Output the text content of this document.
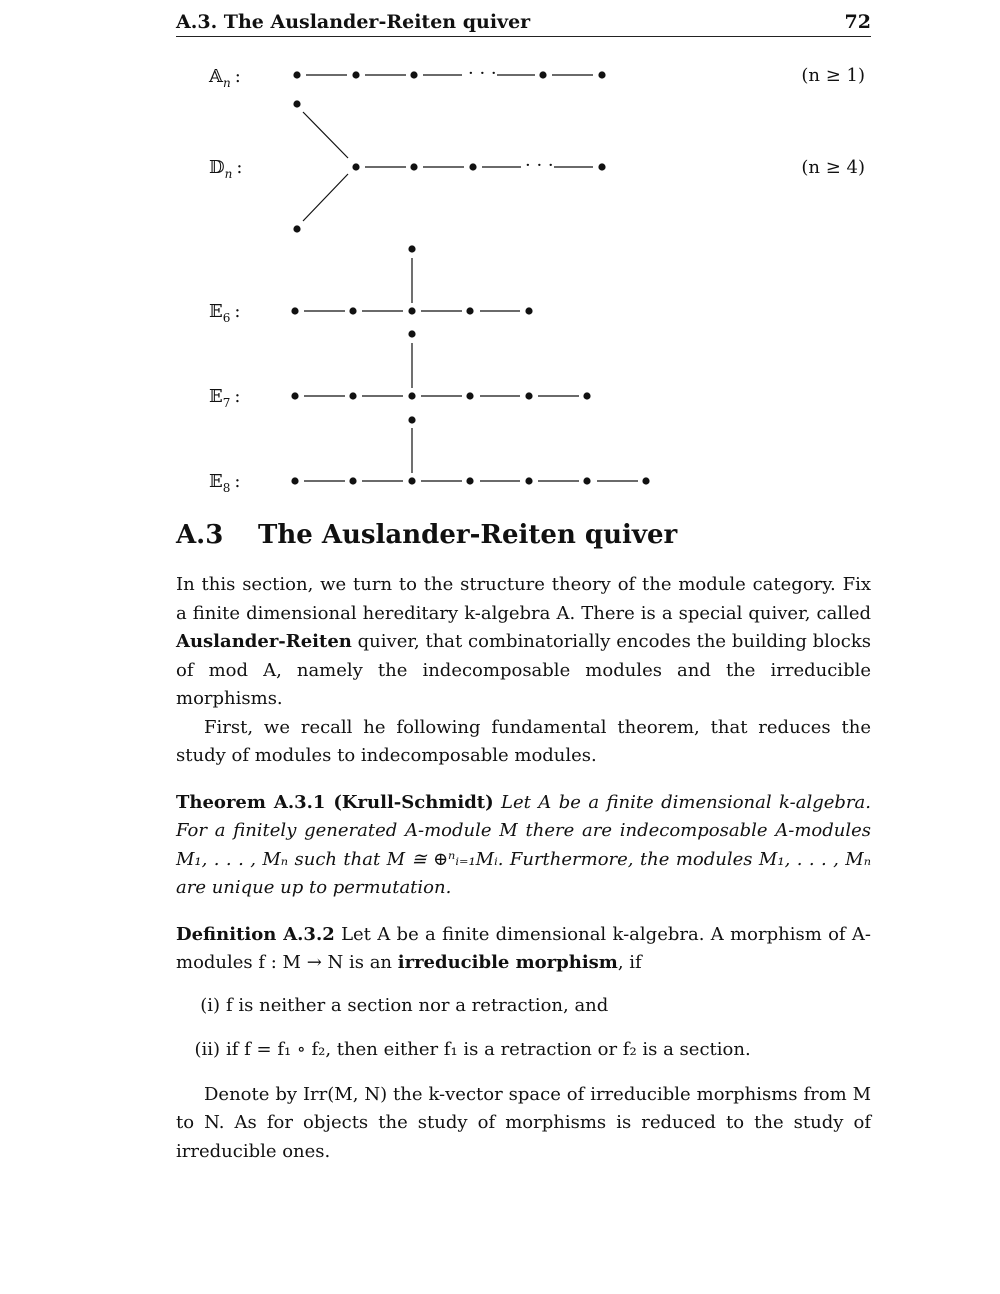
A.3. The Auslander-Reiten quiver	72
· · ·
· · ·
𝔸$_n$ :
𝔻$_n$ :
𝔼$_6$ :
𝔼$_7$ :
𝔼$_8$ :
(n ≥ 1)
(n ≥ 4)
A.3 The Auslander-Reiten quiver

In this section, we turn to the structure theory of the module category. Fix a finite dimensional hereditary k-algebra A. There is a special quiver, called Auslander-Reiten quiver, that combinatorially encodes the building blocks of mod A, namely the indecomposable modules and the irreducible morphisms.

First, we recall he following fundamental theorem, that reduces the study of modules to indecomposable modules.

Theorem A.3.1 (Krull-Schmidt) Let A be a finite dimensional k-algebra. For a finitely generated A-module M there are indecomposable A-modules M₁, . . . , Mₙ such that M ≅ ⊕ⁿᵢ₌₁Mᵢ. Furthermore, the modules M₁, . . . , Mₙ are unique up to permutation.

Definition A.3.2 Let A be a finite dimensional k-algebra. A morphism of A-modules f : M → N is an irreducible morphism, if

(i) f is neither a section nor a retraction, and
(ii) if f = f₁ ∘ f₂, then either f₁ is a retraction or f₂ is a section.

Denote by Irr(M, N) the k-vector space of irreducible morphisms from M to N. As for objects the study of morphisms is reduced to the study of irreducible ones.
